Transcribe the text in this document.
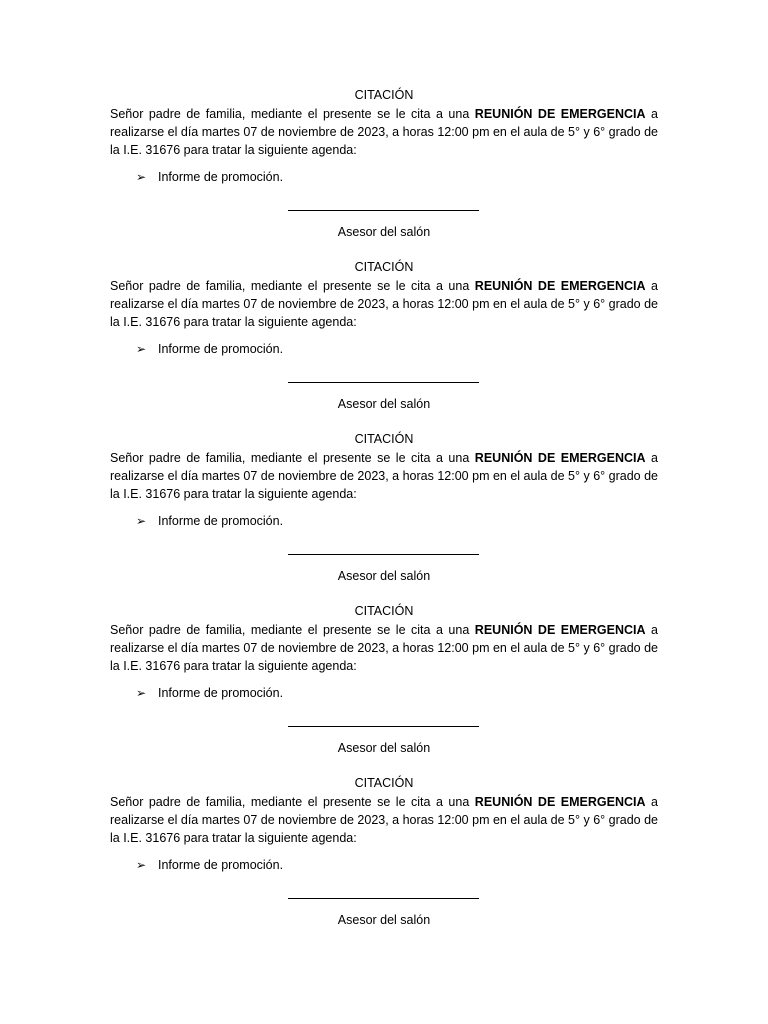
CITACIÓN

Señor padre de familia, mediante el presente se le cita a una REUNIÓN DE EMERGENCIA a realizarse el día martes 07 de noviembre de 2023, a horas 12:00 pm en el aula de 5° y 6° grado de la I.E. 31676 para tratar la siguiente agenda:

➢ Informe de promoción.
Asesor del salón
CITACIÓN

Señor padre de familia, mediante el presente se le cita a una REUNIÓN DE EMERGENCIA a realizarse el día martes 07 de noviembre de 2023, a horas 12:00 pm en el aula de 5° y 6° grado de la I.E. 31676 para tratar la siguiente agenda:

➢ Informe de promoción.
Asesor del salón
CITACIÓN

Señor padre de familia, mediante el presente se le cita a una REUNIÓN DE EMERGENCIA a realizarse el día martes 07 de noviembre de 2023, a horas 12:00 pm en el aula de 5° y 6° grado de la I.E. 31676 para tratar la siguiente agenda:

➢ Informe de promoción.
Asesor del salón
CITACIÓN

Señor padre de familia, mediante el presente se le cita a una REUNIÓN DE EMERGENCIA a realizarse el día martes 07 de noviembre de 2023, a horas 12:00 pm en el aula de 5° y 6° grado de la I.E. 31676 para tratar la siguiente agenda:

➢ Informe de promoción.
Asesor del salón
CITACIÓN

Señor padre de familia, mediante el presente se le cita a una REUNIÓN DE EMERGENCIA a realizarse el día martes 07 de noviembre de 2023, a horas 12:00 pm en el aula de 5° y 6° grado de la I.E. 31676 para tratar la siguiente agenda:

➢ Informe de promoción.
Asesor del salón
